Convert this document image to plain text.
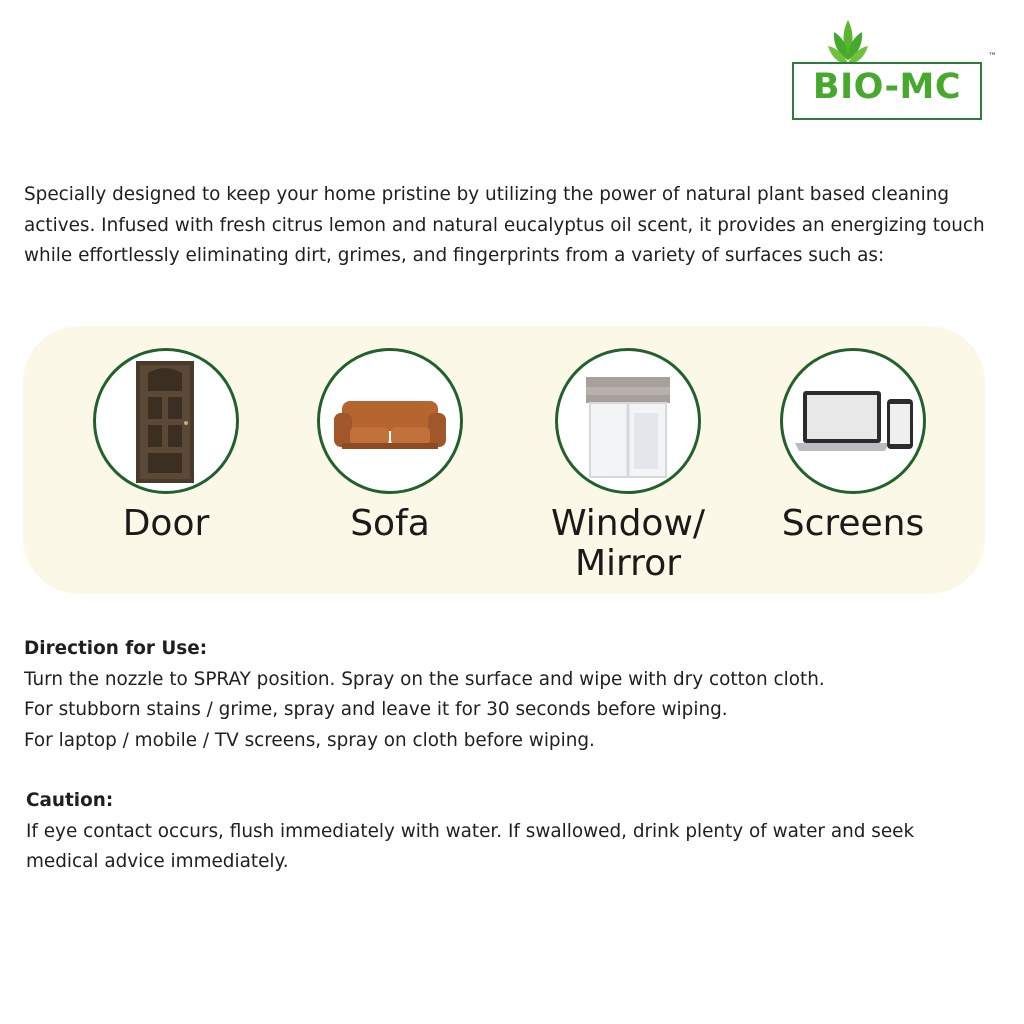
BIO-MC
™

Specially designed to keep your home pristine by utilizing the power of natural plant based cleaning actives. Infused with fresh citrus lemon and natural eucalyptus oil scent, it provides an energizing touch while effortlessly eliminating dirt, grimes, and fingerprints from a variety of surfaces such as:

Door	Sofa	Window/
Mirror
Screens
Direction for Use:
Turn the nozzle to SPRAY position. Spray on the surface and wipe with dry cotton cloth.
For stubborn stains / grime, spray and leave it for 30 seconds before wiping.
For laptop / mobile / TV screens, spray on cloth before wiping.
Caution:
If eye contact occurs, flush immediately with water. If swallowed, drink plenty of water and seek
medical advice immediately.
